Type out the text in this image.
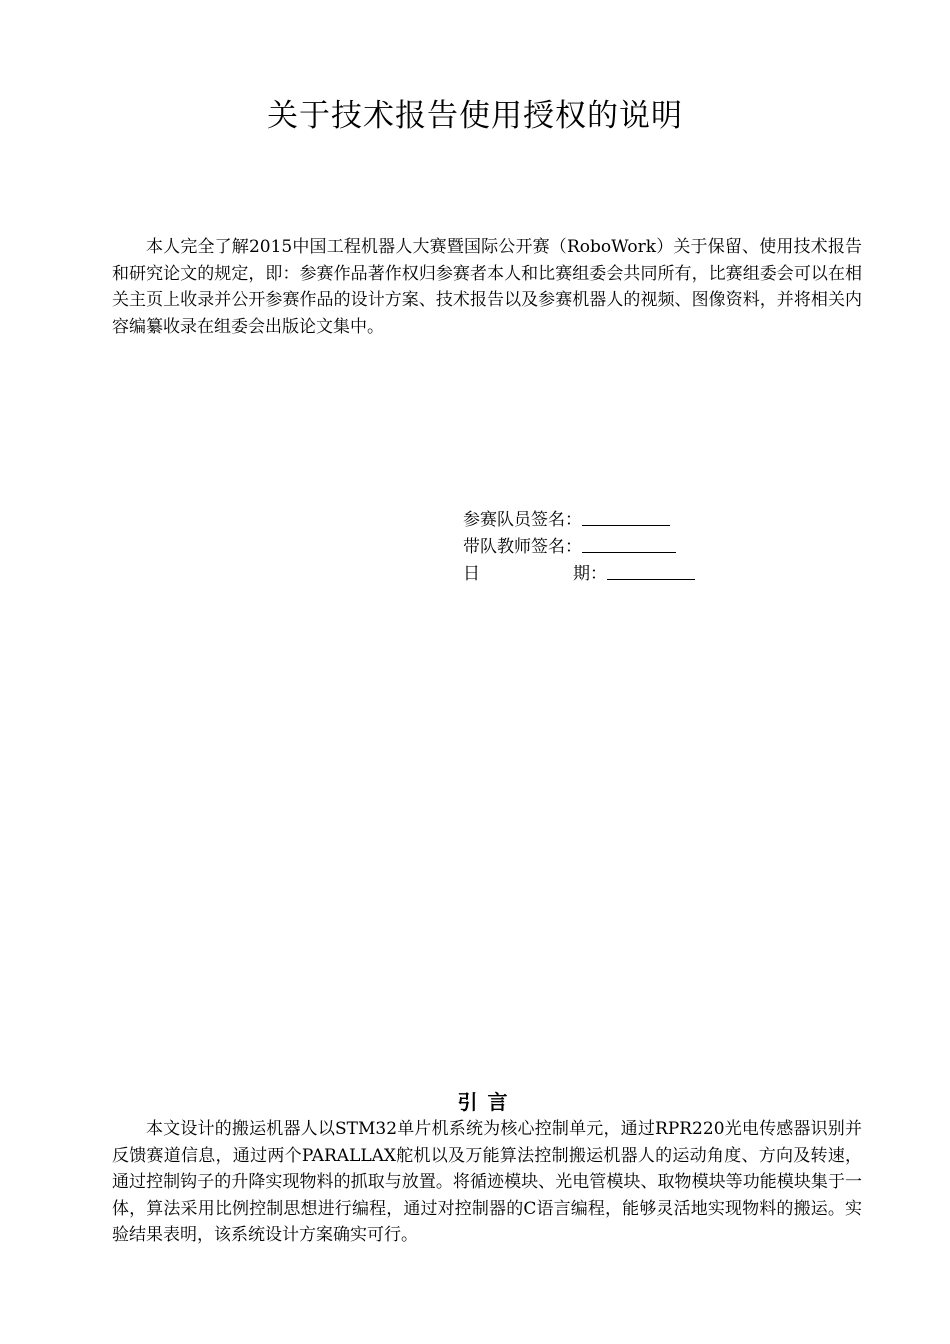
关于技术报告使用授权的说明

本人完全了解2015中国工程机器人大赛暨国际公开赛（RoboWork）关于保留、使用技术报告和研究论文的规定，即：参赛作品著作权归参赛者本人和比赛组委会共同所有，比赛组委会可以在相关主页上收录并公开参赛作品的设计方案、技术报告以及参赛机器人的视频、图像资料，并将相关内容编纂收录在组委会出版论文集中。

参赛队员签名：
带队教师签名：
日	期：
引言

本文设计的搬运机器人以STM32单片机系统为核心控制单元，通过RPR220光电传感器识别并反馈赛道信息，通过两个PARALLAX舵机以及万能算法控制搬运机器人的运动角度、方向及转速，通过控制钩子的升降实现物料的抓取与放置。将循迹模块、光电管模块、取物模块等功能模块集于一体，算法采用比例控制思想进行编程，通过对控制器的C语言编程，能够灵活地实现物料的搬运。实验结果表明，该系统设计方案确实可行。
